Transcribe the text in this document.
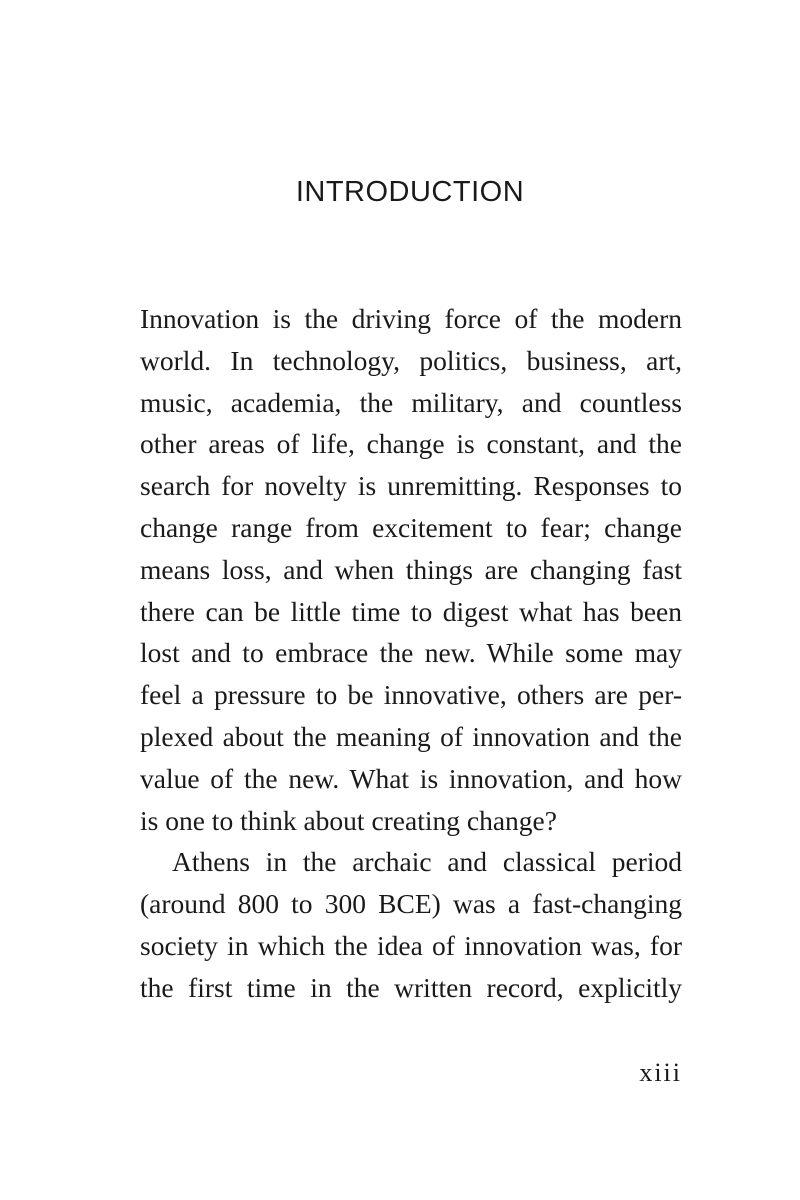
INTRODUCTION
Innovation is the driving force of the modern
world. In technology, politics, business, art,
music, academia, the military, and countless
other areas of life, change is constant, and the
search for novelty is unremitting. Responses to
change range from excitement to fear; change
means loss, and when things are changing fast
there can be little time to digest what has been
lost and to embrace the new. While some may
feel a pressure to be innovative, others are per-
plexed about the meaning of innovation and the
value of the new. What is innovation, and how
is one to think about creating change?
Athens in the archaic and classical period
(around 800 to 300 BCE) was a fast-changing
society in which the idea of innovation was, for
the first time in the written record, explicitly
xiii
